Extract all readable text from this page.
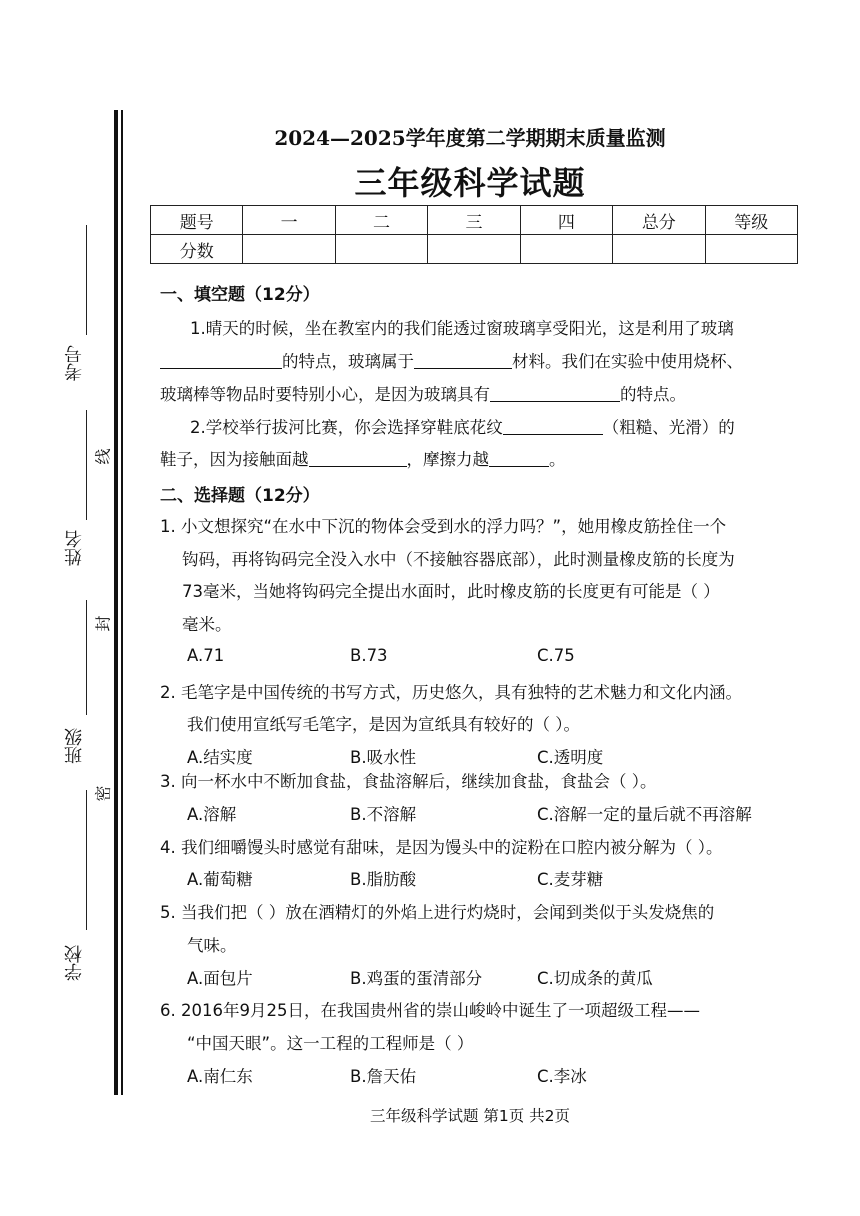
考号
姓名
班级
学校
线
封
密
2024—2025学年度第二学期期末质量监测
三年级科学试题
题号	一	二	三	四	总分	等级
分数						
一、填空题（12分）
1.晴天的时候，坐在教室内的我们能透过窗玻璃享受阳光，这是利用了玻璃
的特点，玻璃属于	材料。我们在实验中使用烧杯、
玻璃棒等物品时要特别小心，是因为玻璃具有	的特点。
2.学校举行拔河比赛，你会选择穿鞋底花纹	（粗糙、光滑）的
鞋子，因为接触面越	，摩擦力越	。
二、选择题（12分）
1. 小文想探究“在水中下沉的物体会受到水的浮力吗？”，她用橡皮筋拴住一个
钩码，再将钩码完全没入水中（不接触容器底部），此时测量橡皮筋的长度为
73毫米，当她将钩码完全提出水面时，此时橡皮筋的长度更有可能是（ ）
毫米。
A.71	B.73	C.75
2. 毛笔字是中国传统的书写方式，历史悠久，具有独特的艺术魅力和文化内涵。
我们使用宣纸写毛笔字，是因为宣纸具有较好的（ ）。
A.结实度	B.吸水性	C.透明度
3. 向一杯水中不断加食盐，食盐溶解后，继续加食盐，食盐会（ ）。
A.溶解	B.不溶解	C.溶解一定的量后就不再溶解
4. 我们细嚼馒头时感觉有甜味，是因为馒头中的淀粉在口腔内被分解为（ ）。
A.葡萄糖	B.脂肪酸	C.麦芽糖
5. 当我们把（ ）放在酒精灯的外焰上进行灼烧时，会闻到类似于头发烧焦的
气味。
A.面包片	B.鸡蛋的蛋清部分	C.切成条的黄瓜
6. 2016年9月25日，在我国贵州省的崇山峻岭中诞生了一项超级工程——
“中国天眼”。这一工程的工程师是（ ）
A.南仁东	B.詹天佑	C.李冰
三年级科学试题 第1页 共2页
